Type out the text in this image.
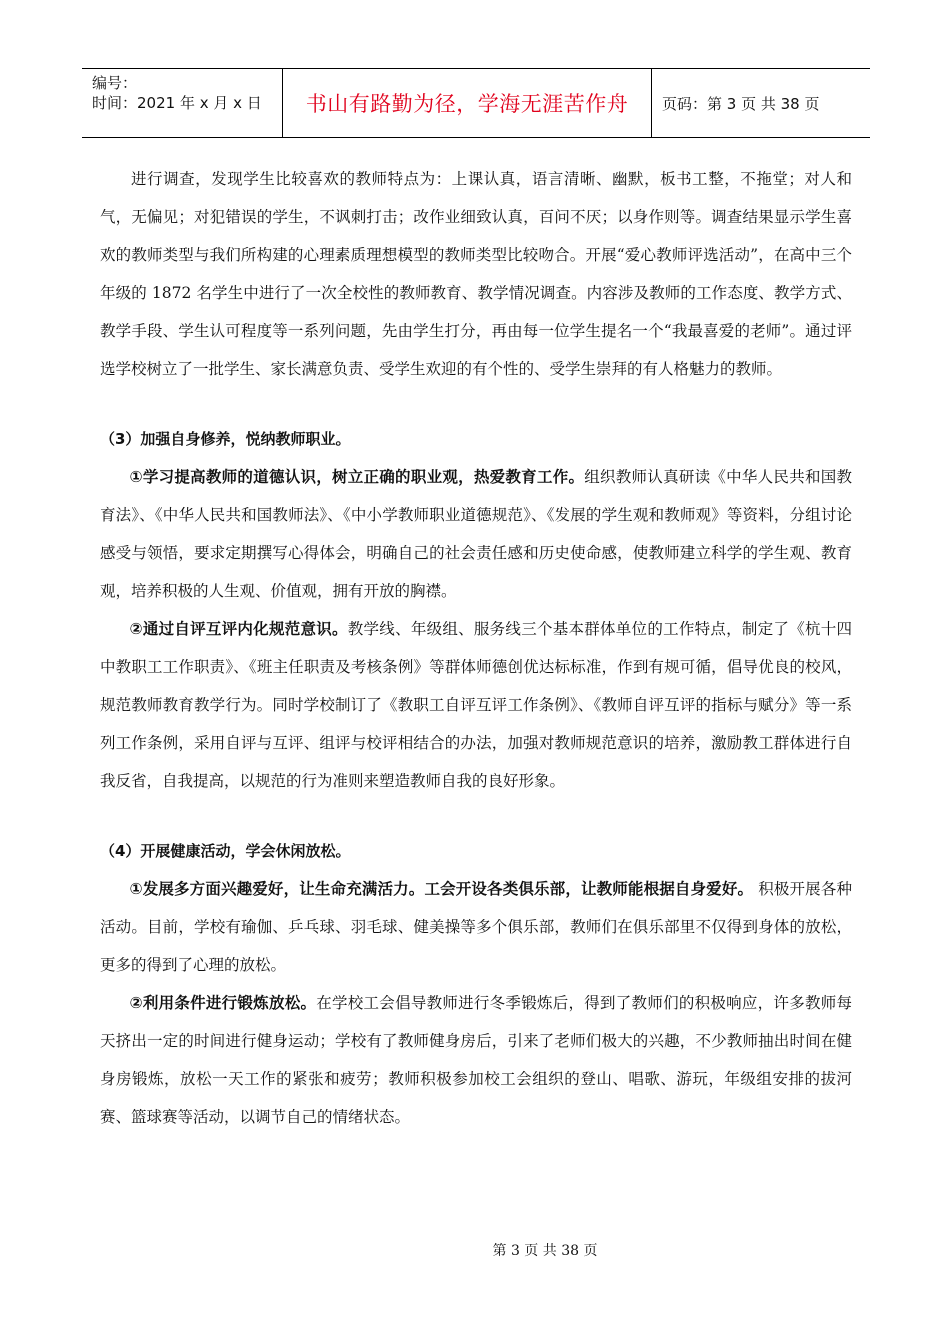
编号：
时间：2021 年 x 月 x 日	书山有路勤为径，学海无涯苦作舟	页码：第 3 页 共 38 页

进行调查，发现学生比较喜欢的教师特点为：上课认真，语言清晰、幽默，板书工整，不拖堂；对人和气，无偏见；对犯错误的学生，不讽刺打击；改作业细致认真，百问不厌；以身作则等。调查结果显示学生喜欢的教师类型与我们所构建的心理素质理想模型的教师类型比较吻合。开展“爱心教师评选活动”，在高中三个年级的 1872 名学生中进行了一次全校性的教师教育、教学情况调查。内容涉及教师的工作态度、教学方式、教学手段、学生认可程度等一系列问题，先由学生打分，再由每一位学生提名一个“我最喜爱的老师”。通过评选学校树立了一批学生、家长满意负责、受学生欢迎的有个性的、受学生崇拜的有人格魅力的教师。

（3）加强自身修养，悦纳教师职业。

①学习提高教师的道德认识，树立正确的职业观，热爱教育工作。组织教师认真研读《中华人民共和国教育法》、《中华人民共和国教师法》、《中小学教师职业道德规范》、《发展的学生观和教师观》等资料，分组讨论感受与领悟，要求定期撰写心得体会，明确自己的社会责任感和历史使命感，使教师建立科学的学生观、教育观，培养积极的人生观、价值观，拥有开放的胸襟。

②通过自评互评内化规范意识。教学线、年级组、服务线三个基本群体单位的工作特点，制定了《杭十四中教职工工作职责》、《班主任职责及考核条例》等群体师德创优达标标准，作到有规可循，倡导优良的校风，规范教师教育教学行为。同时学校制订了《教职工自评互评工作条例》、《教师自评互评的指标与赋分》等一系列工作条例，采用自评与互评、组评与校评相结合的办法，加强对教师规范意识的培养，激励教工群体进行自我反省，自我提高，以规范的行为准则来塑造教师自我的良好形象。

（4）开展健康活动，学会休闲放松。

①发展多方面兴趣爱好，让生命充满活力。工会开设各类俱乐部，让教师能根据自身爱好。 积极开展各种活动。目前，学校有瑜伽、乒乓球、羽毛球、健美操等多个俱乐部，教师们在俱乐部里不仅得到身体的放松，更多的得到了心理的放松。

②利用条件进行锻炼放松。在学校工会倡导教师进行冬季锻炼后，得到了教师们的积极响应，许多教师每天挤出一定的时间进行健身运动；学校有了教师健身房后，引来了老师们极大的兴趣，不少教师抽出时间在健身房锻炼，放松一天工作的紧张和疲劳；教师积极参加校工会组织的登山、唱歌、游玩，年级组安排的拔河赛、篮球赛等活动，以调节自己的情绪状态。

第 3 页 共 38 页
